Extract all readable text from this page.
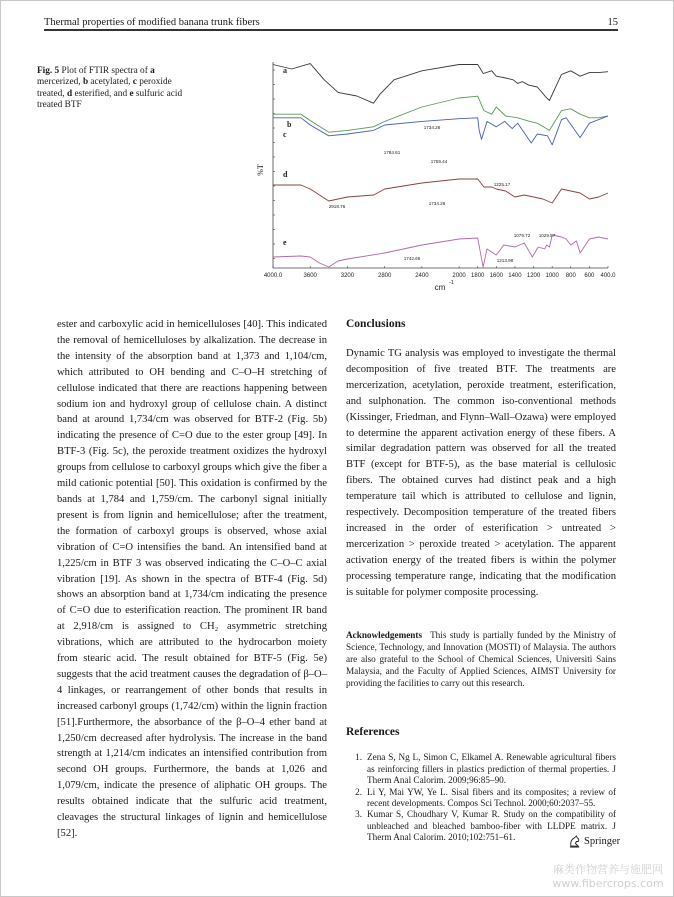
Thermal properties of modified banana trunk fibers	15
Fig. 5 Plot of FTIR spectra of a mercerized, b acetylated, c peroxide treated, d esterified, and e sulfuric acid treated BTF
4000.0	3600	3200	2800	2400	2000 1800 1600 1400 1200 1000 800 600 400.0
cm -1
%T
a
b
c
d
e
1734.26
1784.61
1759.44
1225.17
2918.76
1734.26
1742.66	1213.98
1079.72 1029.57

ester and carboxylic acid in hemicelluloses [40]. This indicated the removal of hemicelluloses by alkalization. The decrease in the intensity of the absorption band at 1,373 and 1,104/cm, which attributed to OH bending and C–O–H stretching of cellulose indicated that there are reactions happening between sodium ion and hydroxyl group of cellulose chain. A distinct band at around 1,734/cm was observed for BTF-2 (Fig. 5b) indicating the presence of C=O due to the ester group [49]. In BTF-3 (Fig. 5c), the peroxide treatment oxidizes the hydroxyl groups from cellulose to carboxyl groups which give the fiber a mild cationic potential [50]. This oxidation is confirmed by the bands at 1,784 and 1,759/cm. The carbonyl signal initially present is from lignin and hemicellulose; after the treatment, the formation of carboxyl groups is observed, whose axial vibration of C=O intensifies the band. An intensified band at 1,225/cm in BTF 3 was observed indicating the C–O–C axial vibration [19]. As shown in the spectra of BTF-4 (Fig. 5d) shows an absorption band at 1,734/cm indicating the presence of C=O due to esterification reaction. The prominent IR band at 2,918/cm is assigned to CH₂ asymmetric stretching vibrations, which are attributed to the hydrocarbon moiety from stearic acid. The result obtained for BTF-5 (Fig. 5e) suggests that the acid treatment causes the degradation of β–O–4 linkages, or rearrangement of other bonds that results in increased carbonyl groups (1,742/cm) within the lignin fraction [51].Furthermore, the absorbance of the β–O–4 ether band at 1,250/cm decreased after hydrolysis. The increase in the band strength at 1,214/cm indicates an intensified contribution from second OH groups. Furthermore, the bands at 1,026 and 1,079/cm, indicate the presence of aliphatic OH groups. The results obtained indicate that the sulfuric acid treatment, cleavages the structural linkages of lignin and hemicellulose [52].

Conclusions

Dynamic TG analysis was employed to investigate the thermal decomposition of five treated BTF. The treatments are mercerization, acetylation, peroxide treatment, esterification, and sulphonation. The common iso-conventional methods (Kissinger, Friedman, and Flynn–Wall–Ozawa) were employed to determine the apparent activation energy of these fibers. A similar degradation pattern was observed for all the treated BTF (except for BTF-5), as the base material is cellulosic fibers. The obtained curves had distinct peak and a high temperature tail which is attributed to cellulose and lignin, respectively. Decomposition temperature of the treated fibers increased in the order of esterification > untreated > mercerization > peroxide treated > acetylation. The apparent activation energy of the treated fibers is within the polymer processing temperature range, indicating that the modification is suitable for polymer composite processing.

Acknowledgements This study is partially funded by the Ministry of Science, Technology, and Innovation (MOSTI) of Malaysia. The authors are also grateful to the School of Chemical Sciences, Universiti Sains Malaysia, and the Faculty of Applied Sciences, AIMST University for providing the facilities to carry out this research.
References
1. Zena S, Ng L, Simon C, Elkamel A. Renewable agricultural fibers as reinforcing fillers in plastics prediction of thermal properties. J Therm Anal Calorim. 2009;96:85–90.
2. Li Y, Mai YW, Ye L. Sisal fibers and its composites; a review of recent developments. Compos Sci Technol. 2000;60:2037–55.
3. Kumar S, Choudhary V, Kumar R. Study on the compatibility of unbleached and bleached bamboo-fiber with LLDPE matrix. J Therm Anal Calorim. 2010;102:751–61.	Springer
麻类作物营养与施肥网
www.fibercrops.com
